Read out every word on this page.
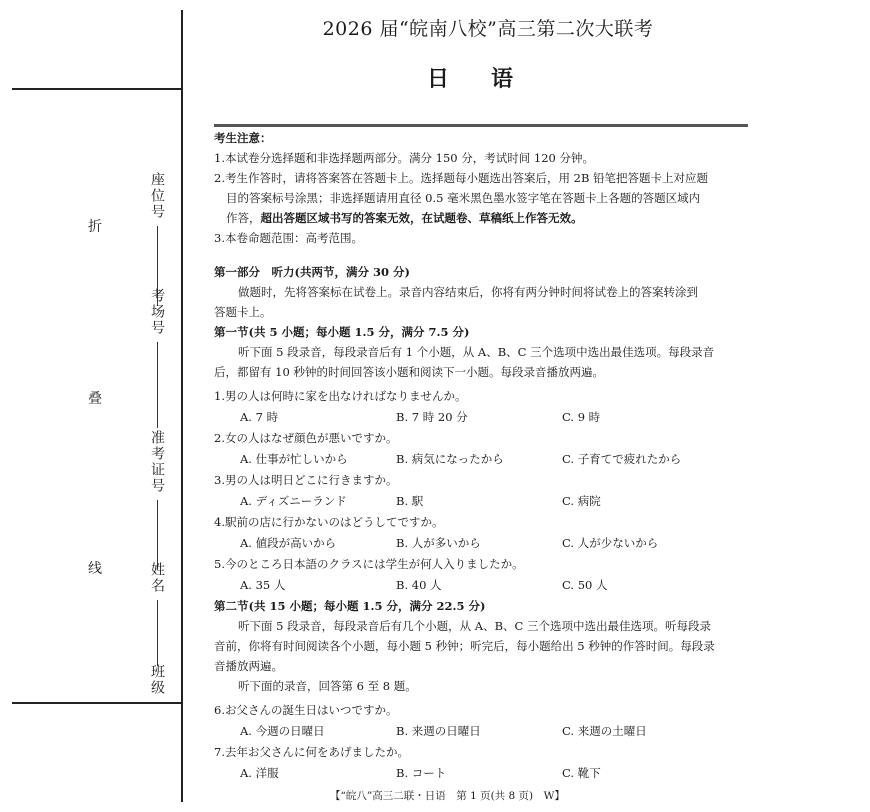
折
叠
线
座位号
考场号
准考证号
姓名
班级
2026 届“皖南八校”高三第二次大联考
日语
考生注意：
1.本试卷分选择题和非选择题两部分。满分 150 分，考试时间 120 分钟。
2.考生作答时，请将答案答在答题卡上。选择题每小题选出答案后，用 2B 铅笔把答题卡上对应题
目的答案标号涂黑；非选择题请用直径 0.5 毫米黑色墨水签字笔在答题卡上各题的答题区域内
作答，超出答题区域书写的答案无效，在试题卷、草稿纸上作答无效。
3.本卷命题范围：高考范围。
第一部分　听力(共两节，满分 30 分)
做题时，先将答案标在试卷上。录音内容结束后，你将有两分钟时间将试卷上的答案转涂到
答题卡上。
第一节(共 5 小题；每小题 1.5 分，满分 7.5 分)
听下面 5 段录音，每段录音后有 1 个小题，从 A、B、C 三个选项中选出最佳选项。每段录音
后，都留有 10 秒钟的时间回答该小题和阅读下一小题。每段录音播放两遍。
1.男の人は何時に家を出なければなりませんか。
A. 7 時	B. 7 時 20 分	C. 9 時
2.女の人はなぜ顔色が悪いですか。
A. 仕事が忙しいから	B. 病気になったから	C. 子育てで疲れたから
3.男の人は明日どこに行きますか。
A. ディズニーランド	B. 駅	C. 病院
4.駅前の店に行かないのはどうしてですか。
A. 値段が高いから	B. 人が多いから	C. 人が少ないから
5.今のところ日本語のクラスには学生が何人入りましたか。
A. 35 人	B. 40 人	C. 50 人
第二节(共 15 小题；每小题 1.5 分，满分 22.5 分)
听下面 5 段录音，每段录音后有几个小题，从 A、B、C 三个选项中选出最佳选项。听每段录
音前，你将有时间阅读各个小题，每小题 5 秒钟；听完后，每小题给出 5 秒钟的作答时间。每段录
音播放两遍。
听下面的录音，回答第 6 至 8 题。
6.お父さんの誕生日はいつですか。
A. 今週の日曜日	B. 来週の日曜日	C. 来週の土曜日
7.去年お父さんに何をあげましたか。
A. 洋服	B. コート	C. 靴下
【“皖八”高三二联・日语　第 1 页(共 8 页)　W】
